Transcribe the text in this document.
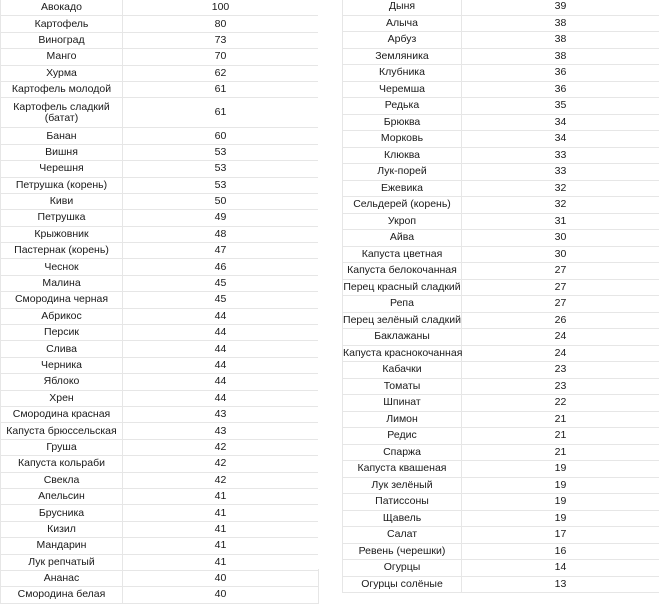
Авокадо	100
Картофель	80
Виноград	73
Манго	70
Хурма	62
Картофель молодой	61
Картофель сладкий (батат)	61
Банан	60
Вишня	53
Черешня	53
Петрушка (корень)	53
Киви	50
Петрушка	49
Крыжовник	48
Пастернак (корень)	47
Чеснок	46
Малина	45
Смородина черная	45
Абрикос	44
Персик	44
Слива	44
Черника	44
Яблоко	44
Хрен	44
Смородина красная	43
Капуста брюссельская	43
Груша	42
Капуста кольраби	42
Свекла	42
Апельсин	41
Брусника	41
Кизил	41
Мандарин	41
Лук репчатый	41
Ананас	40
Смородина белая	40
Дыня	39
Алыча	38
Арбуз	38
Земляника	38
Клубника	36
Черемша	36
Редька	35
Брюква	34
Морковь	34
Клюква	33
Лук-порей	33
Ежевика	32
Сельдерей (корень)	32
Укроп	31
Айва	30
Капуста цветная	30
Капуста белокочанная	27
Перец красный сладкий	27
Репа	27
Перец зелёный сладкий	26
Баклажаны	24
Капуста краснокочанная	24
Кабачки	23
Томаты	23
Шпинат	22
Лимон	21
Редис	21
Спаржа	21
Капуста квашеная	19
Лук зелёный	19
Патиссоны	19
Щавель	19
Салат	17
Ревень (черешки)	16
Огурцы	14
Огурцы солёные	13
